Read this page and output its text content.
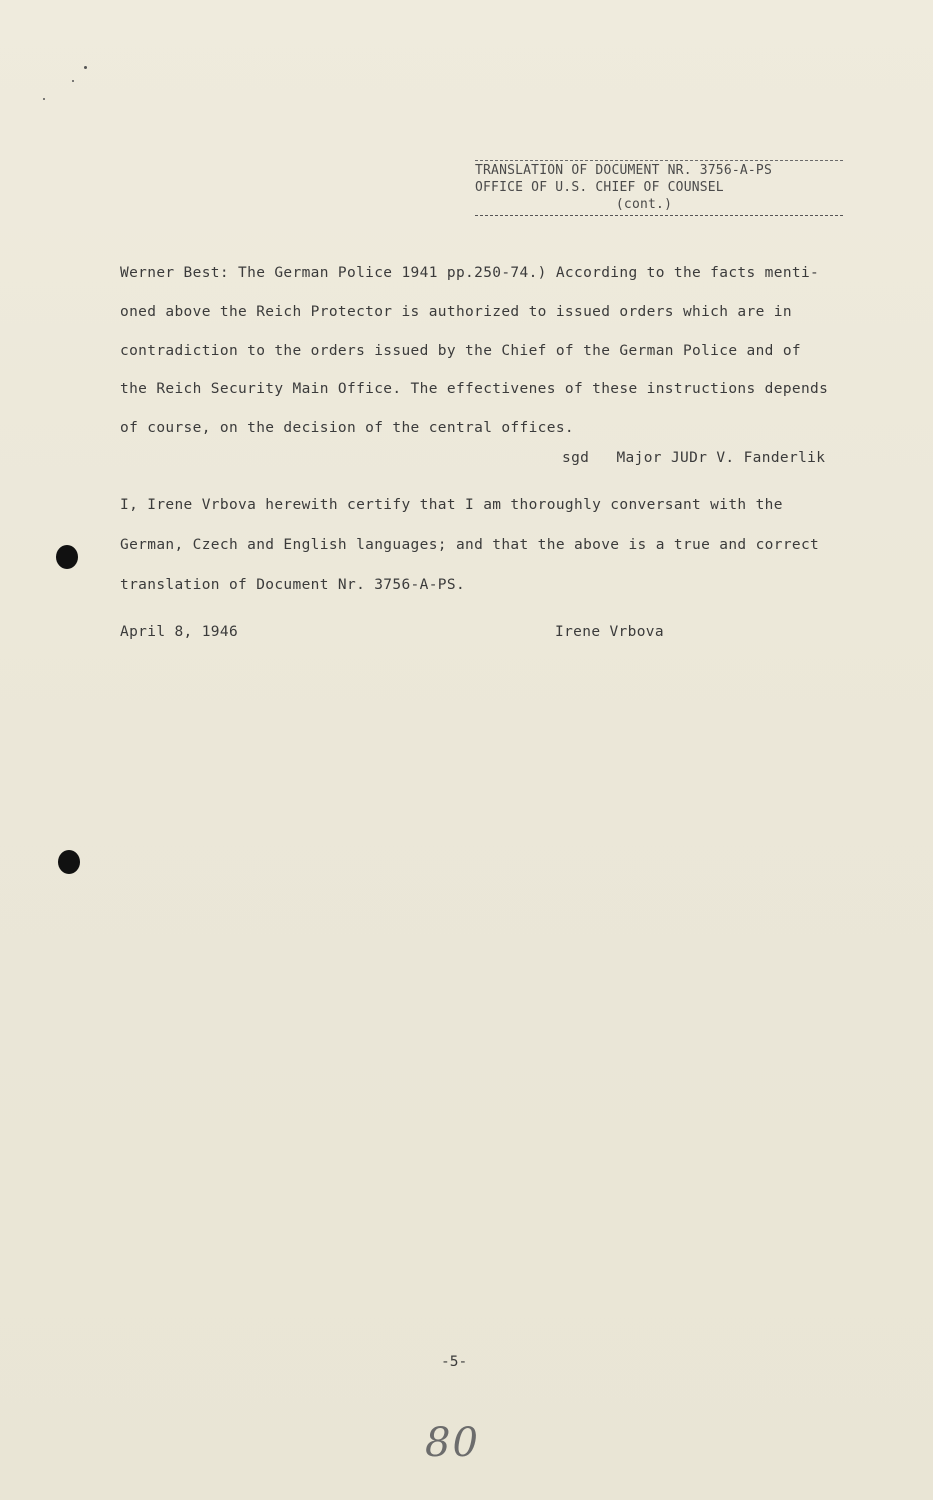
TRANSLATION OF DOCUMENT NR. 3756-A-PS
OFFICE OF U.S. CHIEF OF COUNSEL
(cont.)
Werner Best: The German Police 1941 pp.250-74.) According to the facts menti-
oned above the Reich Protector is authorized to issued orders which are in
contradiction to the orders issued by the Chief of the German Police and of
the Reich Security Main Office. The effectivenes of these instructions depends
of course, on the decision of the central offices.
sgd   Major JUDr V. Fanderlik
I, Irene Vrbova herewith certify that I am thoroughly conversant with the
German, Czech and English languages; and that the above is a true and correct
translation of Document Nr. 3756-A-PS.
April 8, 1946	Irene Vrbova
-5-
80
